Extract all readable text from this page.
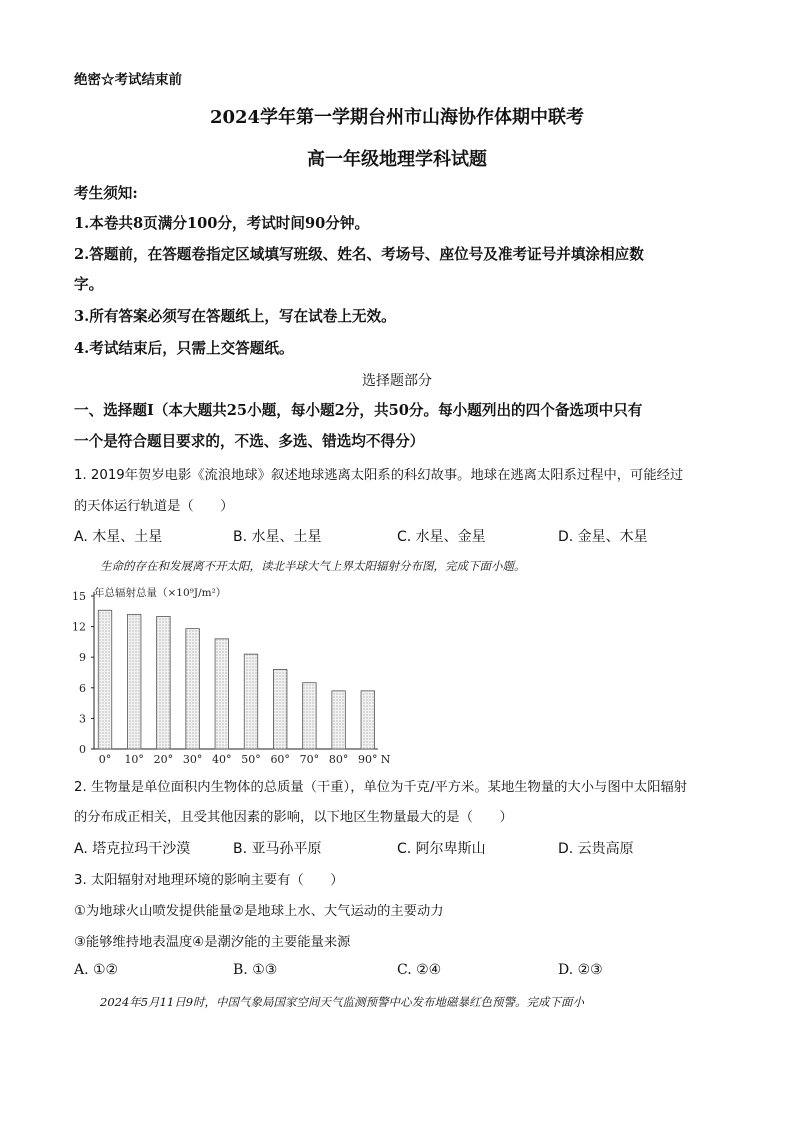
绝密☆考试结束前
2024学年第一学期台州市山海协作体期中联考
高一年级地理学科试题
考生须知:
1.本卷共8页满分100分，考试时间90分钟。
2.答题前，在答题卷指定区域填写班级、姓名、考场号、座位号及准考证号并填涂相应数
字。
3.所有答案必须写在答题纸上，写在试卷上无效。
4.考试结束后，只需上交答题纸。
选择题部分
一、选择题Ⅰ（本大题共25小题，每小题2分，共50分。每小题列出的四个备选项中只有
一个是符合题目要求的，不选、多选、错选均不得分）
1. 2019年贺岁电影《流浪地球》叙述地球逃离太阳系的科幻故事。地球在逃离太阳系过程中，可能经过
的天体运行轨道是（　　）
A. 木星、土星	B. 水星、土星	C. 水星、金星	D. 金星、木星
生命的存在和发展离不开太阳，读北半球大气上界太阳辐射分布图，完成下面小题。
年总辐射总量（×10⁹J/m²）
0
3
6
9
12
15
0° 10° 20° 30° 40° 50° 60° 70° 80° 90° N
2. 生物量是单位面积内生物体的总质量（干重），单位为千克/平方米。某地生物量的大小与图中太阳辐射
的分布成正相关，且受其他因素的影响，以下地区生物量最大的是（　　）
A. 塔克拉玛干沙漠	B. 亚马孙平原	C. 阿尔卑斯山	D. 云贵高原
3. 太阳辐射对地理环境的影响主要有（　　）
①为地球火山喷发提供能量②是地球上水、大气运动的主要动力
③能够维持地表温度④是潮汐能的主要能量来源
A. ①②	B. ①③	C. ②④	D. ②③
2024年5月11日9时，中国气象局国家空间天气监测预警中心发布地磁暴红色预警。完成下面小
